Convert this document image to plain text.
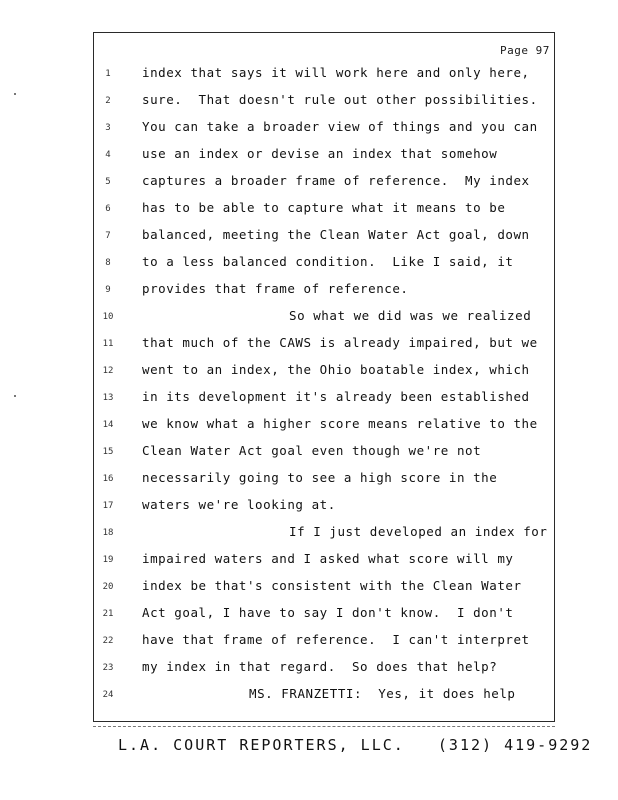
Page 97
1	index that says it will work here and only here,
2	sure.  That doesn't rule out other possibilities.
3	You can take a broader view of things and you can
4	use an index or devise an index that somehow
5	captures a broader frame of reference.  My index
6	has to be able to capture what it means to be
7	balanced, meeting the Clean Water Act goal, down
8	to a less balanced condition.  Like I said, it
9	provides that frame of reference.
10	So what we did was we realized
11 that much of the CAWS is already impaired, but we
12 went to an index, the Ohio boatable index, which
13 in its development it's already been established
14 we know what a higher score means relative to the
15 Clean Water Act goal even though we're not
16 necessarily going to see a high score in the
17 waters we're looking at.
18	If I just developed an index for
19 impaired waters and I asked what score will my
20 index be that's consistent with the Clean Water
21 Act goal, I have to say I don't know.  I don't
22 have that frame of reference.  I can't interpret
23 my index in that regard.  So does that help?
24	MS. FRANZETTI:  Yes, it does help
L.A. COURT REPORTERS, LLC.   (312) 419-9292
